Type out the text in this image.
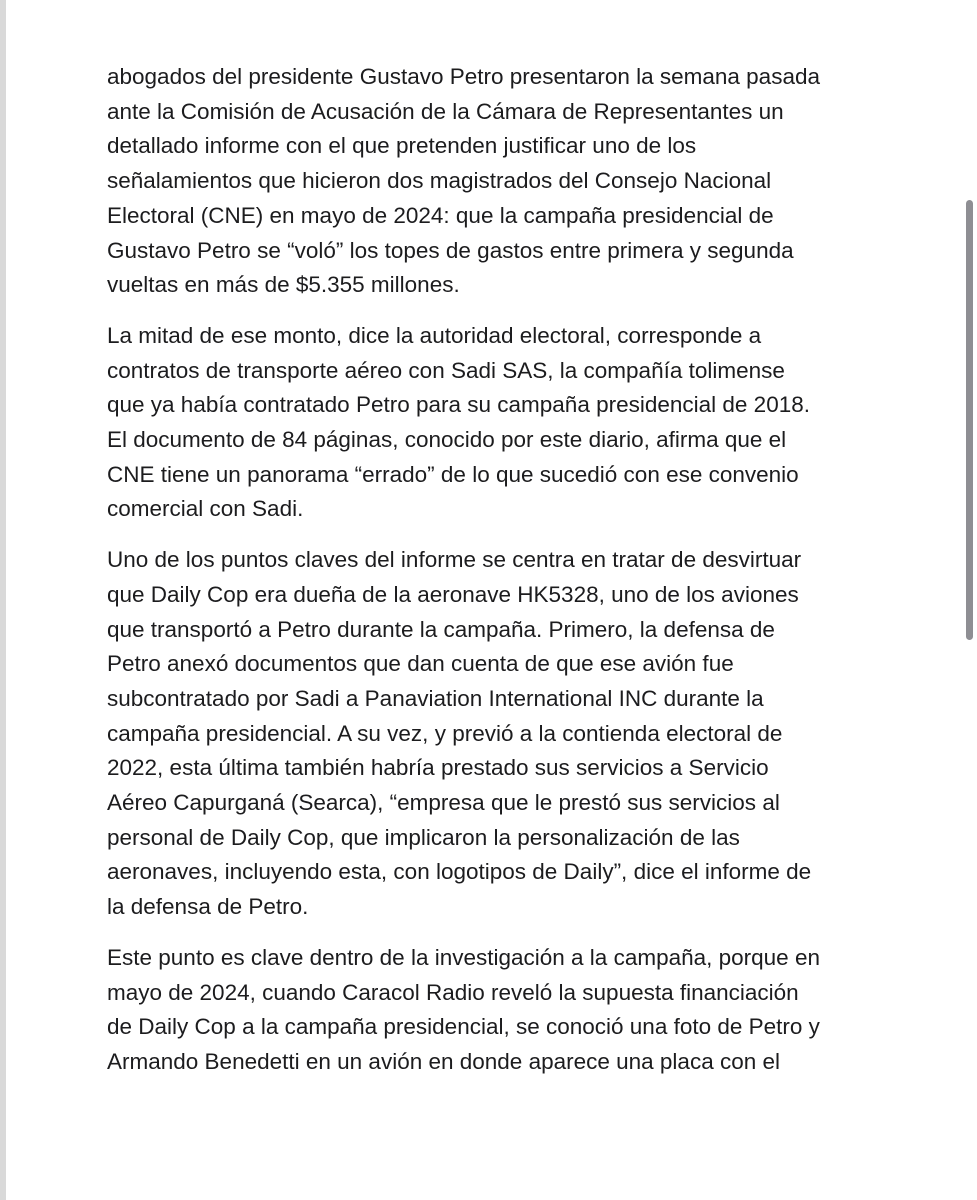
abogados del presidente Gustavo Petro presentaron la semana pasada
ante la Comisión de Acusación de la Cámara de Representantes un
detallado informe con el que pretenden justificar uno de los
señalamientos que hicieron dos magistrados del Consejo Nacional
Electoral (CNE) en mayo de 2024: que la campaña presidencial de
Gustavo Petro se “voló” los topes de gastos entre primera y segunda
vueltas en más de $5.355 millones.

La mitad de ese monto, dice la autoridad electoral, corresponde a
contratos de transporte aéreo con Sadi SAS, la compañía tolimense
que ya había contratado Petro para su campaña presidencial de 2018.
El documento de 84 páginas, conocido por este diario, afirma que el
CNE tiene un panorama “errado” de lo que sucedió con ese convenio
comercial con Sadi.

Uno de los puntos claves del informe se centra en tratar de desvirtuar
que Daily Cop era dueña de la aeronave HK5328, uno de los aviones
que transportó a Petro durante la campaña. Primero, la defensa de
Petro anexó documentos que dan cuenta de que ese avión fue
subcontratado por Sadi a Panaviation International INC durante la
campaña presidencial. A su vez, y previó a la contienda electoral de
2022, esta última también habría prestado sus servicios a Servicio
Aéreo Capurganá (Searca), “empresa que le prestó sus servicios al
personal de Daily Cop, que implicaron la personalización de las
aeronaves, incluyendo esta, con logotipos de Daily”, dice el informe de
la defensa de Petro.

Este punto es clave dentro de la investigación a la campaña, porque en
mayo de 2024, cuando Caracol Radio reveló la supuesta financiación
de Daily Cop a la campaña presidencial, se conoció una foto de Petro y
Armando Benedetti en un avión en donde aparece una placa con el
